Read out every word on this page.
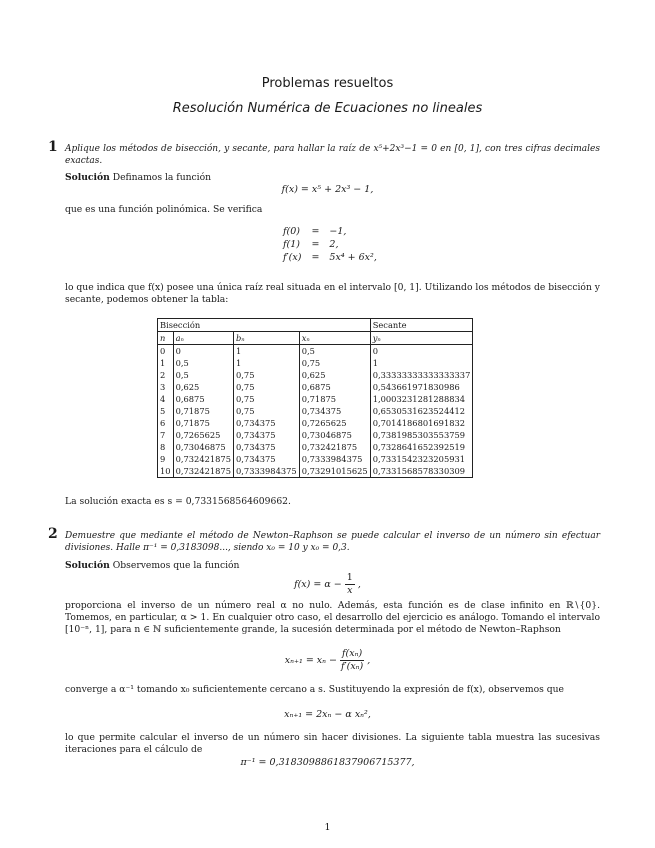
Problemas resueltos
Resolución Numérica de Ecuaciones no lineales
1 Aplique los métodos de bisección, y secante, para hallar la raíz de x⁵+2x³−1 = 0 en [0, 1], con tres cifras decimales exactas.
Solución Definamos la función
f(x) = x⁵ + 2x³ − 1,
que es una función polinómica. Se verifica
f(0)	=	−1,
f(1)	=	2,
f′(x)	=	5x⁴ + 6x²,
lo que indica que f(x) posee una única raíz real situada en el intervalo [0, 1]. Utilizando los métodos de bisección y secante, podemos obtener la tabla:
Bisección				Secante
n	aₙ	bₙ	xₙ	yₙ
0	0	1	0,5	0
1	0,5	1	0,75	1
2	0,5	0,75	0,625	0,33333333333333337
3	0,625	0,75	0,6875	0,543661971830986
4	0,6875	0,75	0,71875	1,0003231281288834
5	0,71875	0,75	0,734375	0,6530531623524412
6	0,71875	0,734375	0,7265625	0,7014186801691832
7	0,7265625	0,734375	0,73046875	0,7381985303553759
8	0,73046875	0,734375	0,732421875	0,7328641652392519
9	0,732421875	0,734375	0,7333984375	0,7331542323205931
10	0,732421875	0,7333984375	0,73291015625	0,7331568578330309
La solución exacta es s = 0,7331568564609662.
2 Demuestre que mediante el método de Newton–Raphson se puede calcular el inverso de un número sin efectuar divisiones. Halle π⁻¹ = 0,3183098..., siendo x₀ = 10 y x₀ = 0,3.
Solución Observemos que la función
$f(x) = \alpha - \frac{1}{x}$ ,
proporciona el inverso de un número real α no nulo. Además, esta función es de clase infinito en ℝ∖{0}. Tomemos, en particular, α > 1. En cualquier otro caso, el desarrollo del ejercicio es análogo. Tomando el intervalo [10⁻ⁿ, 1], para n ∈ ℕ suficientemente grande, la sucesión determinada por el método de Newton–Raphson
$x_{n+1} = x_n - \frac{\text{f(xₙ)}}{\text{f′(xₙ)}}$ ,
converge a α⁻¹ tomando x₀ suficientemente cercano a s. Sustituyendo la expresión de f(x), observemos que
xₙ₊₁ = 2xₙ − α xₙ²,
lo que permite calcular el inverso de un número sin hacer divisiones. La siguiente tabla muestra las sucesivas iteraciones para el cálculo de
π⁻¹ = 0,3183098861837906715377,
1
